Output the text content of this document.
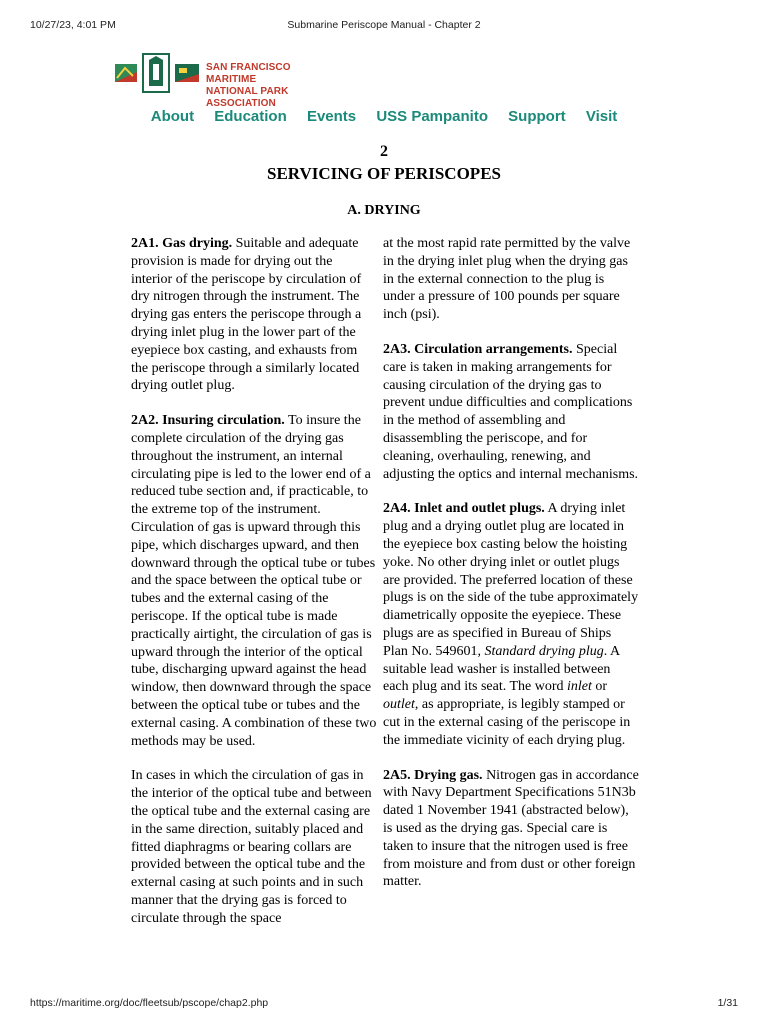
10/27/23, 4:01 PM	Submarine Periscope Manual - Chapter 2
SAN FRANCISCO MARITIME
NATIONAL PARK ASSOCIATION
About Education Events USS Pampanito Support Visit
2
SERVICING OF PERISCOPES
A. DRYING

2A1. Gas drying. Suitable and adequate provision is made for drying out the interior of the periscope by circulation of dry nitrogen through the instrument. The drying gas enters the periscope through a drying inlet plug in the lower part of the eyepiece box casting, and exhausts from the periscope through a similarly located drying outlet plug.

2A2. Insuring circulation. To insure the complete circulation of the drying gas throughout the instrument, an internal circulating pipe is led to the lower end of a reduced tube section and, if practicable, to the extreme top of the instrument. Circulation of gas is upward through this pipe, which discharges upward, and then downward through the optical tube or tubes and the space between the optical tube or tubes and the external casing of the periscope. If the optical tube is made practically airtight, the circulation of gas is upward through the interior of the optical tube, discharging upward against the head window, then downward through the space between the optical tube or tubes and the external casing. A combination of these two methods may be used.

In cases in which the circulation of gas in the interior of the optical tube and between the optical tube and the external casing are in the same direction, suitably placed and fitted diaphragms or bearing collars are provided between the optical tube and the external casing at such points and in such manner that the drying gas is forced to circulate through the space

at the most rapid rate permitted by the valve in the drying inlet plug when the drying gas in the external connection to the plug is under a pressure of 100 pounds per square inch (psi).

2A3. Circulation arrangements. Special care is taken in making arrangements for causing circulation of the drying gas to prevent undue difficulties and complications in the method of assembling and disassembling the periscope, and for cleaning, overhauling, renewing, and adjusting the optics and internal mechanisms.

2A4. Inlet and outlet plugs. A drying inlet plug and a drying outlet plug are located in the eyepiece box casting below the hoisting yoke. No other drying inlet or outlet plugs are provided. The preferred location of these plugs is on the side of the tube approximately diametrically opposite the eyepiece. These plugs are as specified in Bureau of Ships Plan No. 549601, Standard drying plug. A suitable lead washer is installed between each plug and its seat. The word inlet or outlet, as appropriate, is legibly stamped or cut in the external casing of the periscope in the immediate vicinity of each drying plug.

2A5. Drying gas. Nitrogen gas in accordance with Navy Department Specifications 51N3b dated 1 November 1941 (abstracted below), is used as the drying gas. Special care is taken to insure that the nitrogen used is free from moisture and from dust or other foreign matter.

https://maritime.org/doc/fleetsub/pscope/chap2.php	1/31
